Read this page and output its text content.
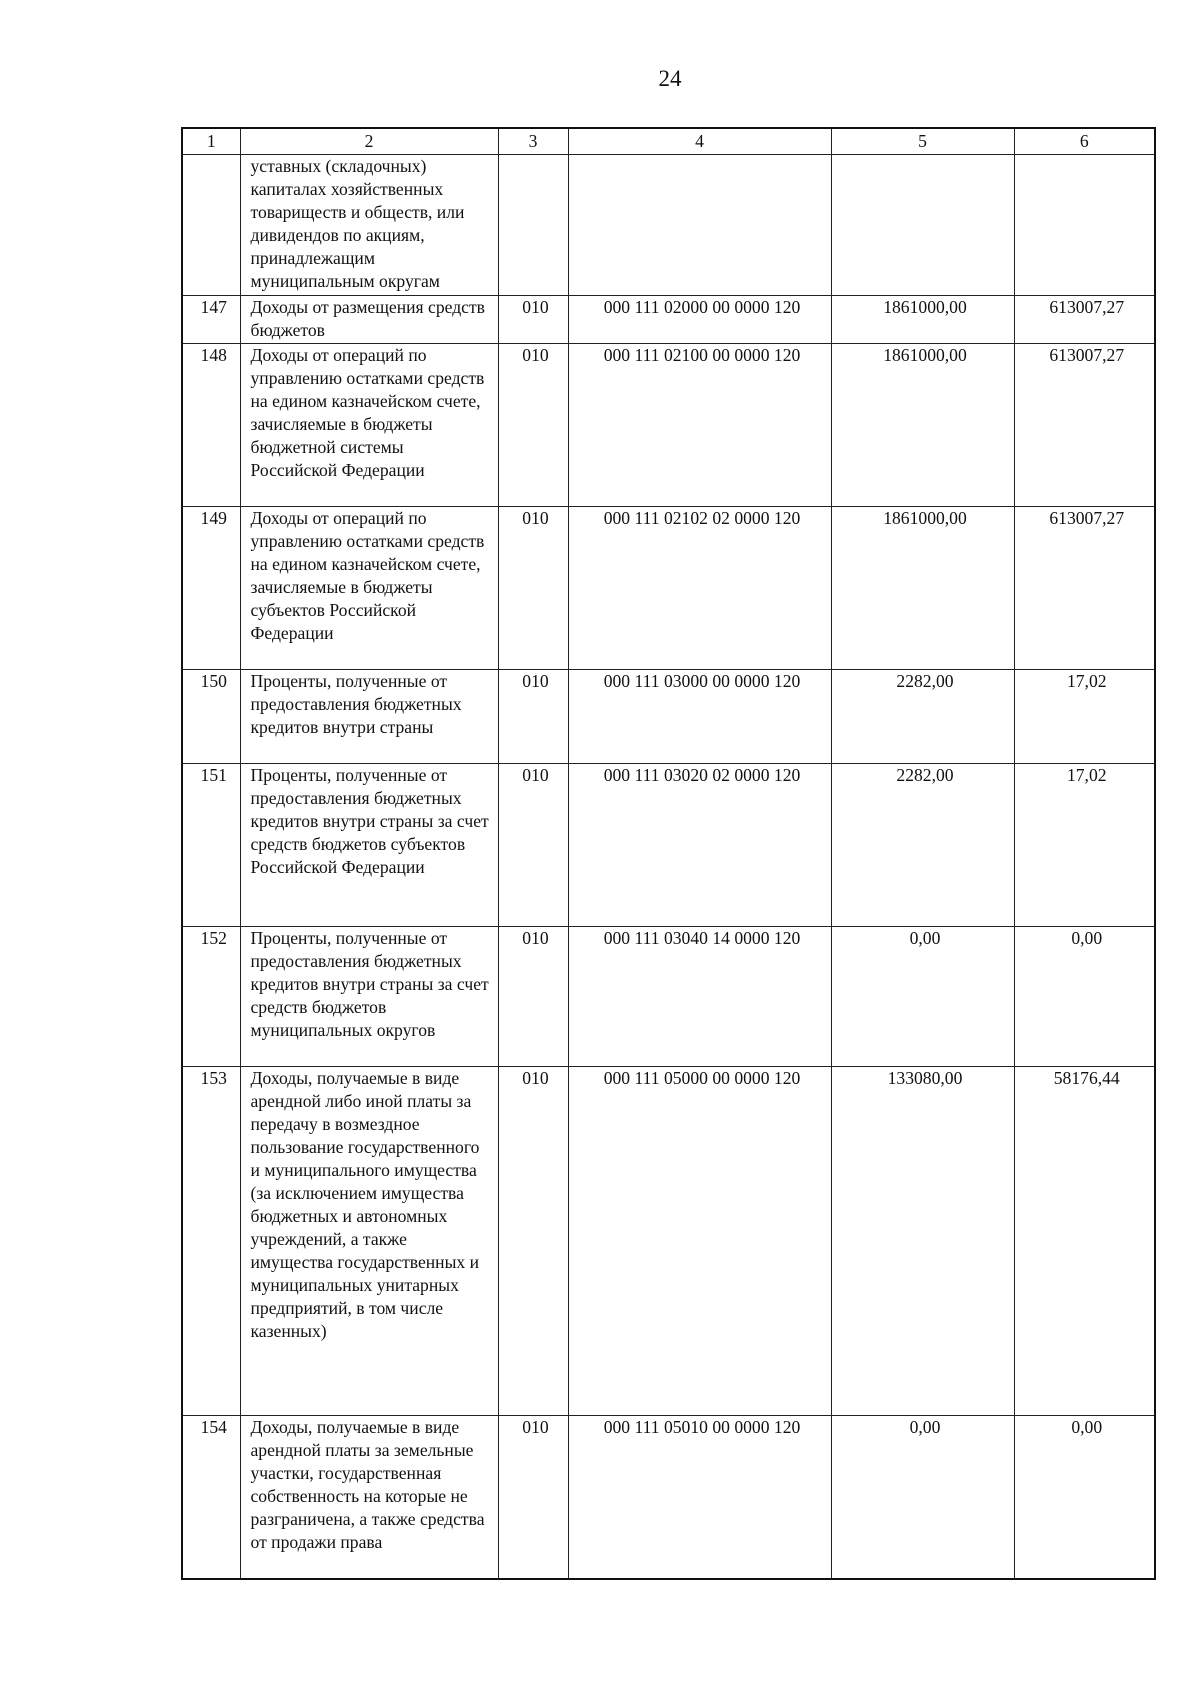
24
1	2	3	4	5	6
	уставных (складочных) капиталах хозяйственных товариществ и обществ, или дивидендов по акциям, принадлежащим муниципальным округам				
147	Доходы от размещения средств бюджетов	010	000 111 02000 00 0000 120	1861000,00	613007,27
148	Доходы от операций по управлению остатками средств на едином казначейском счете, зачисляемые в бюджеты бюджетной системы Российской Федерации	010	000 111 02100 00 0000 120	1861000,00	613007,27
149	Доходы от операций по управлению остатками средств на едином казначейском счете, зачисляемые в бюджеты субъектов Российской Федерации	010	000 111 02102 02 0000 120	1861000,00	613007,27
150	Проценты, полученные от предоставления бюджетных кредитов внутри страны	010	000 111 03000 00 0000 120	2282,00	17,02
151	Проценты, полученные от предоставления бюджетных кредитов внутри страны за счет средств бюджетов субъектов Российской Федерации	010	000 111 03020 02 0000 120	2282,00	17,02
152	Проценты, полученные от предоставления бюджетных кредитов внутри страны за счет средств бюджетов муниципальных округов	010	000 111 03040 14 0000 120	0,00	0,00
153	Доходы, получаемые в виде арендной либо иной платы за передачу в возмездное пользование государственного и муниципального имущества (за исключением имущества бюджетных и автономных учреждений, а также имущества государственных и муниципальных унитарных предприятий, в том числе казенных)	010	000 111 05000 00 0000 120	133080,00	58176,44
154	Доходы, получаемые в виде арендной платы за земельные участки, государственная собственность на которые не разграничена, а также средства от продажи права	010	000 111 05010 00 0000 120	0,00	0,00
